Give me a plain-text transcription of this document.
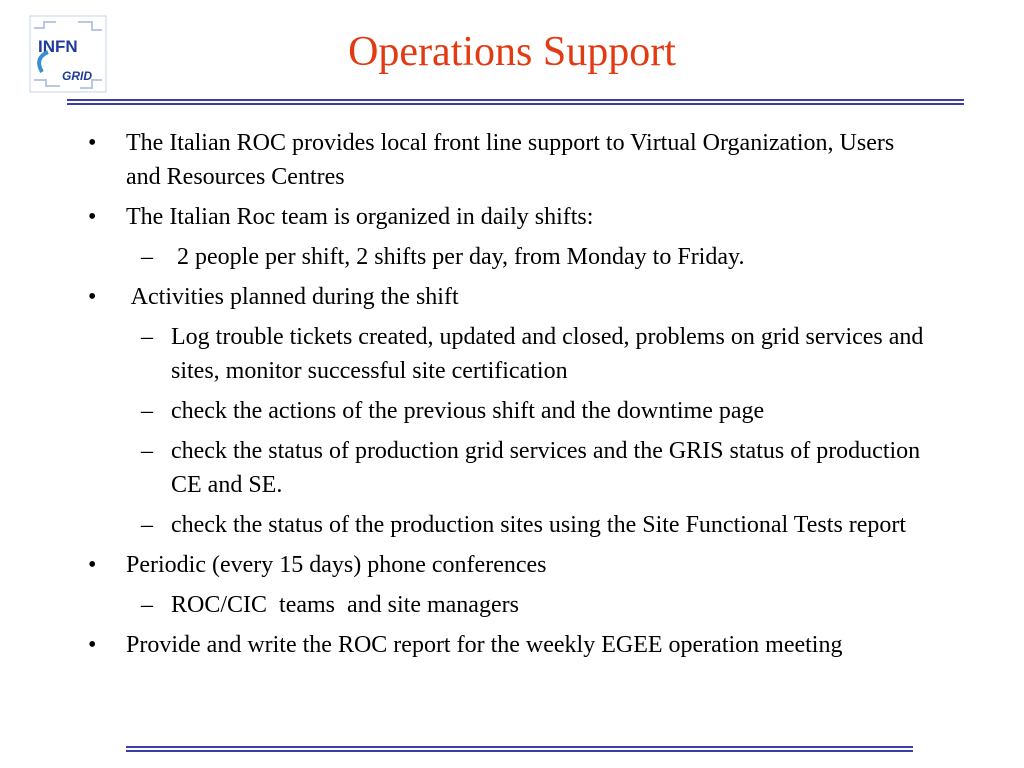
INFN
GRID
Operations Support
• The Italian ROC provides local front line support to Virtual Organization, Users and Resources Centres
• The Italian Roc team is organized in daily shifts:
– 2 people per shift, 2 shifts per day, from Monday to Friday.
• Activities planned during the shift
– Log trouble tickets created, updated and closed, problems on grid services and sites, monitor successful site certification
– check the actions of the previous shift and the downtime page
– check the status of production grid services and the GRIS status of production CE and SE.
– check the status of the production sites using the Site Functional Tests report
• Periodic (every 15 days) phone conferences
– ROC/CIC  teams  and site managers
• Provide and write the ROC report for the weekly EGEE operation meeting
